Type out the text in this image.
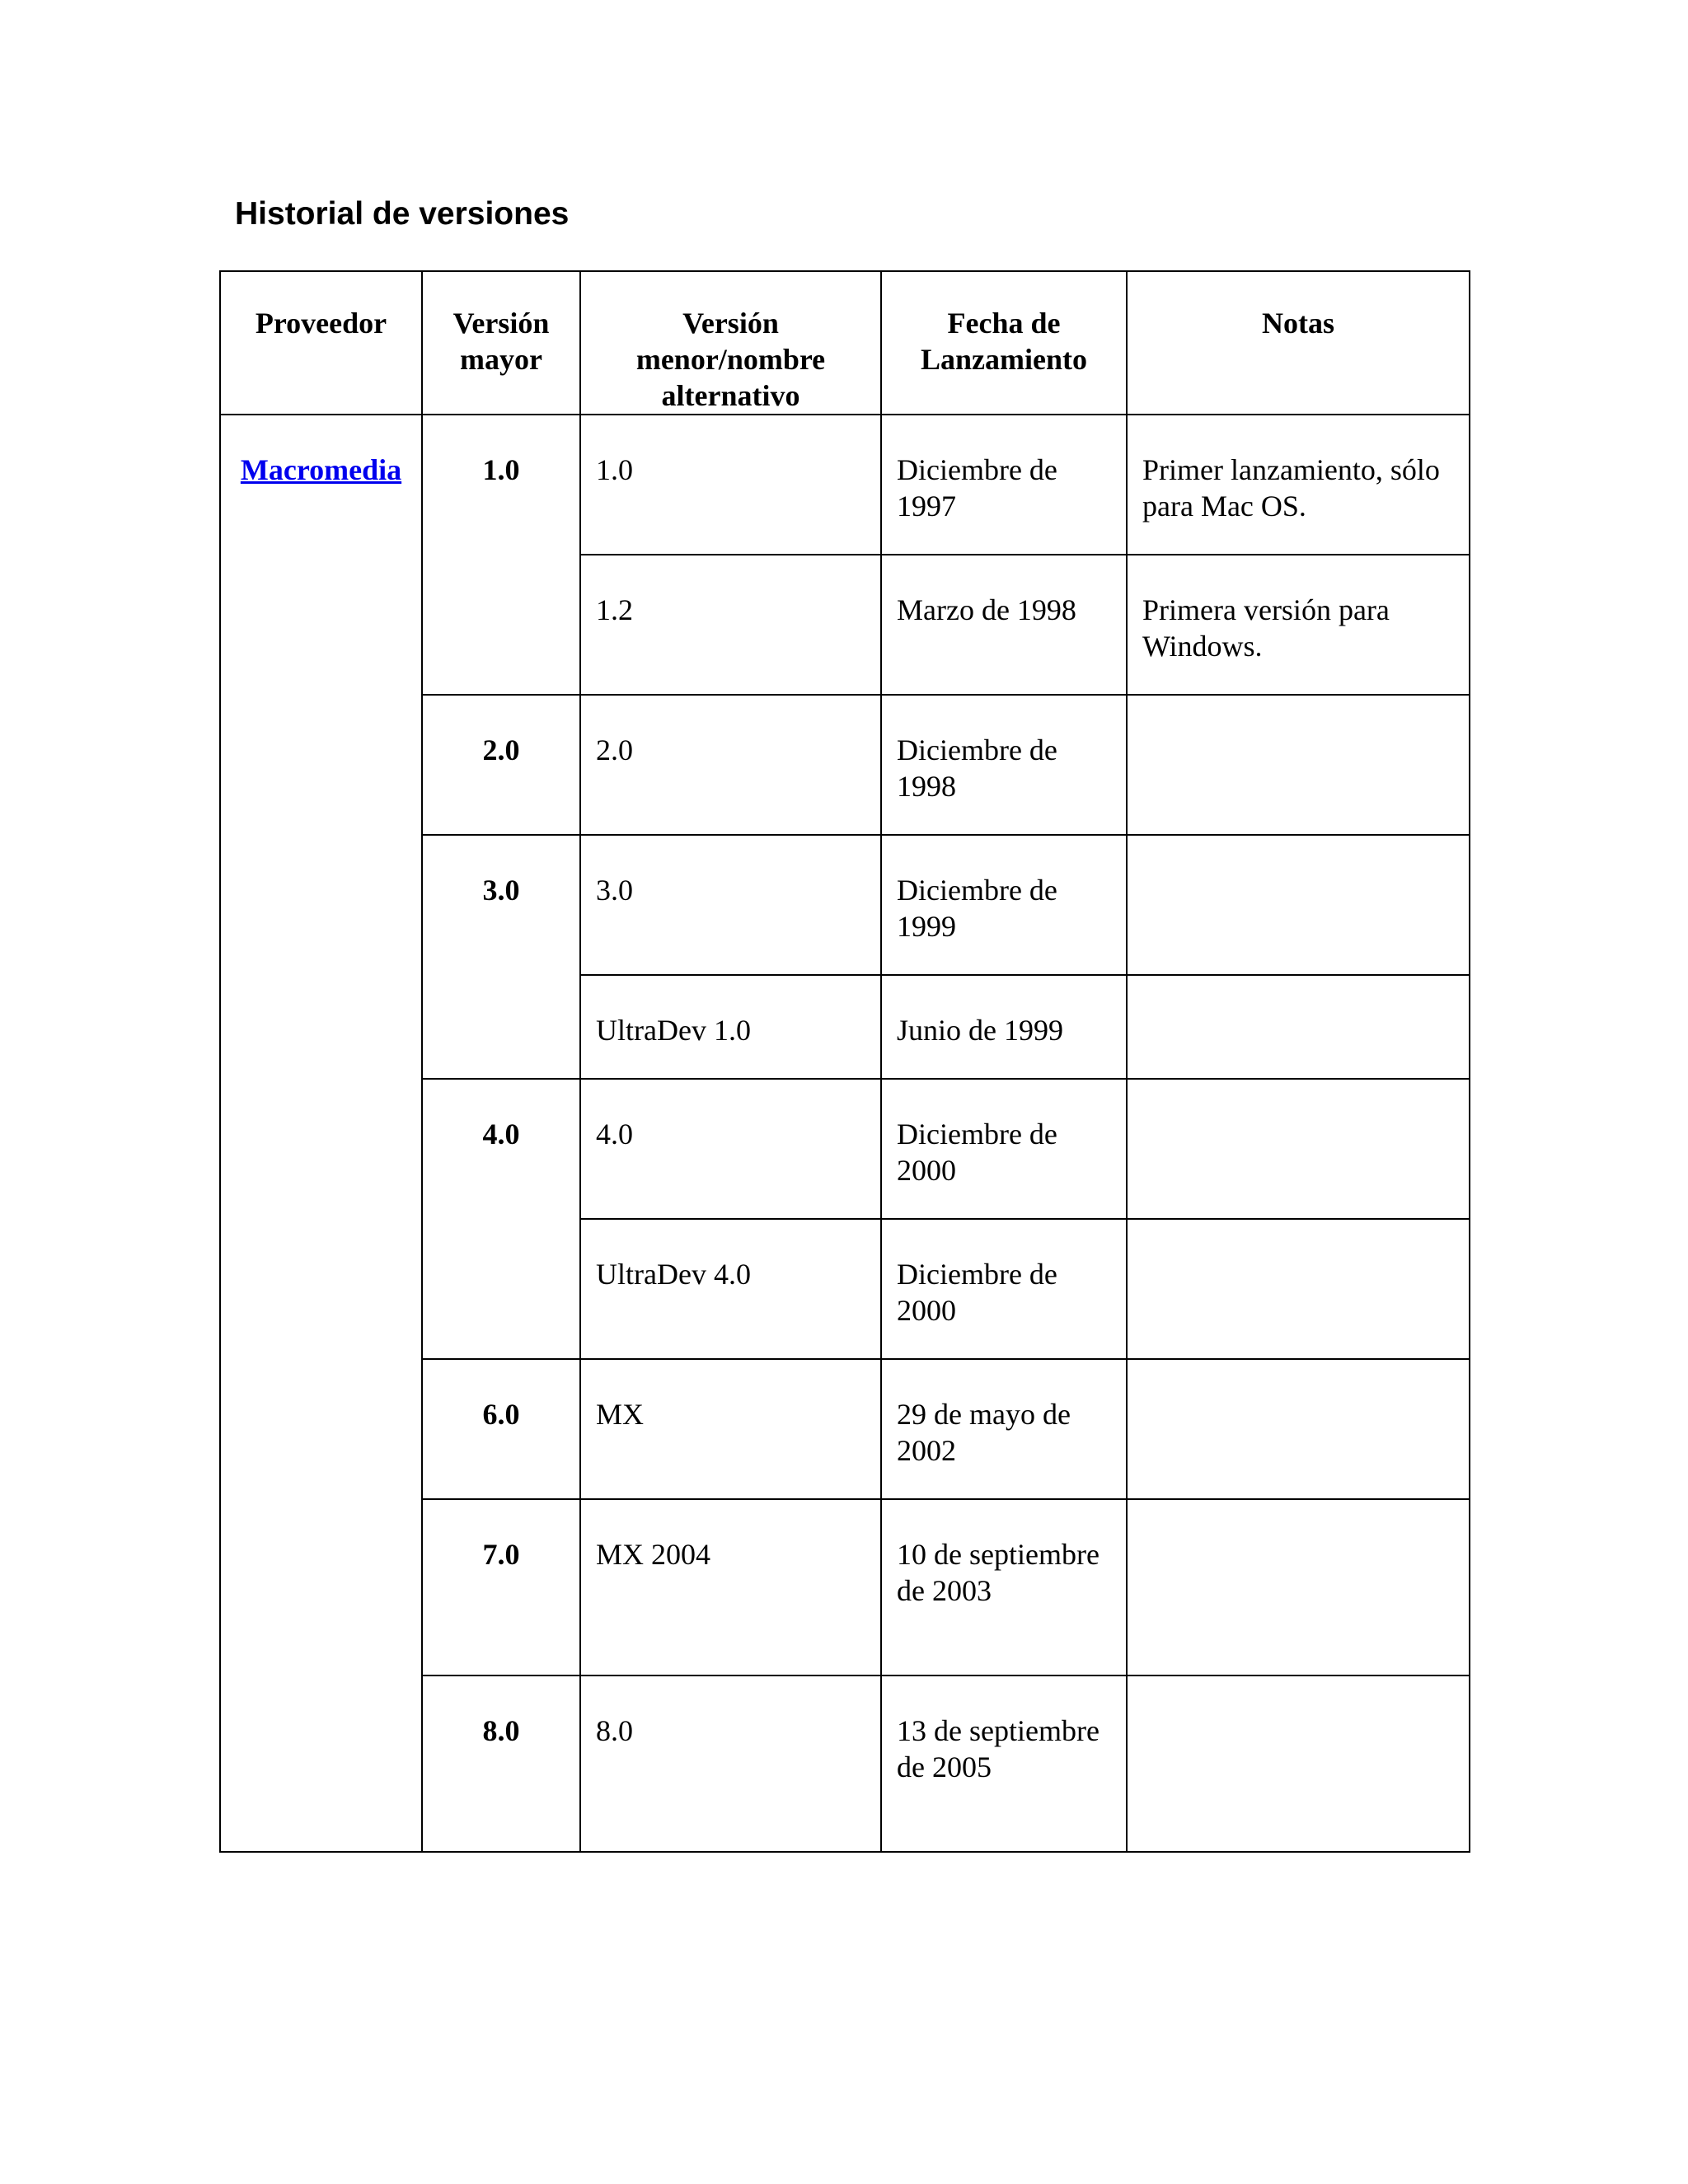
Historial de versiones
Proveedor	Versión mayor	Versión menor/nombre alternativo	Fecha de Lanzamiento	Notas
Macromedia	1.0	1.0	Diciembre de 1997	Primer lanzamiento, sólo para Mac OS.
		1.2	Marzo de 1998	Primera versión para Windows.
	2.0	2.0	Diciembre de 1998	
	3.0	3.0	Diciembre de 1999	
		UltraDev 1.0	Junio de 1999	
	4.0	4.0	Diciembre de 2000	
		UltraDev 4.0	Diciembre de 2000	
	6.0	MX	29 de mayo de 2002	
	7.0	MX 2004	10 de septiembre de 2003	
	8.0	8.0	13 de septiembre de 2005	
